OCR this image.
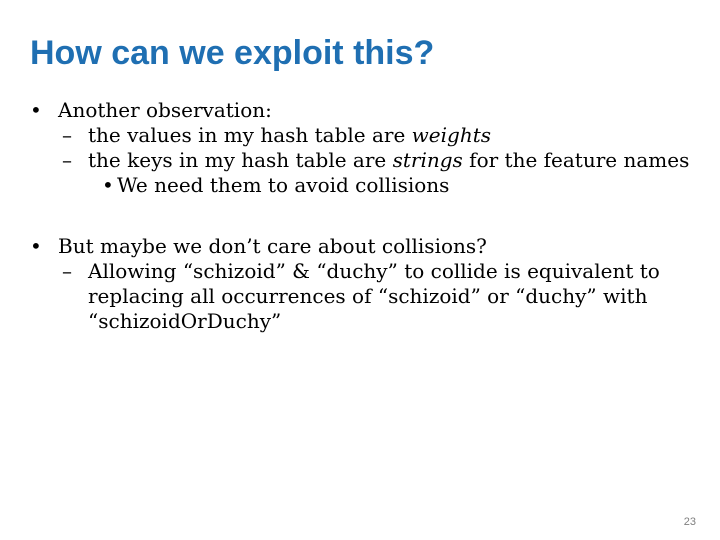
How can we exploit this?
• Another observation:
– the values in my hash table are weights
– the keys in my hash table are strings for the feature names
• We need them to avoid collisions
• But maybe we don’t care about collisions?
– Allowing “schizoid” & “duchy” to collide is equivalent to replacing all occurrences of “schizoid” or “duchy” with “schizoidOrDuchy”
23
